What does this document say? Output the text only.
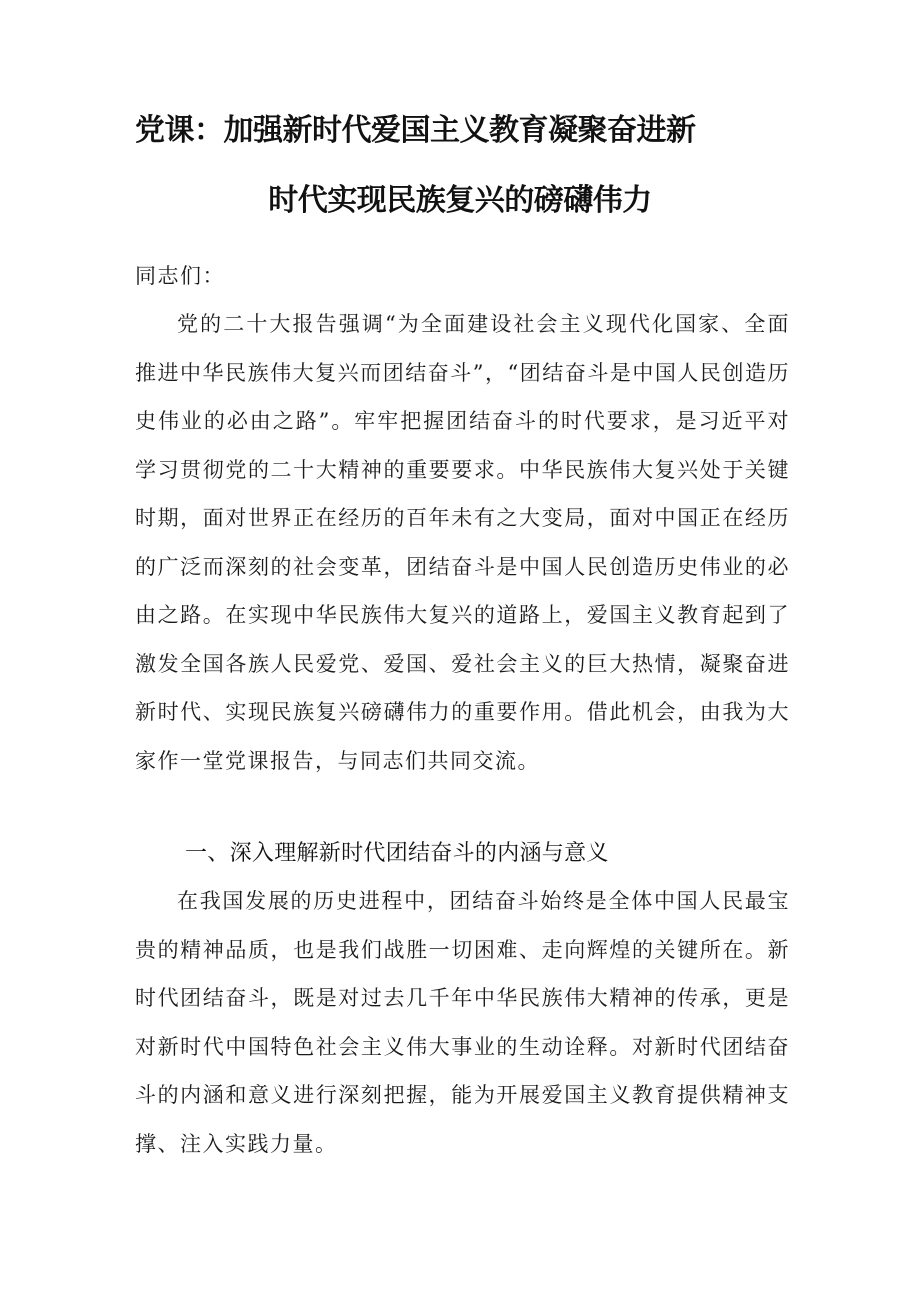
党课：加强新时代爱国主义教育凝聚奋进新
时代实现民族复兴的磅礴伟力

同志们：

党的二十大报告强调“为全面建设社会主义现代化国家、全面推进中华民族伟大复兴而团结奋斗”，“团结奋斗是中国人民创造历史伟业的必由之路”。牢牢把握团结奋斗的时代要求，是习近平对学习贯彻党的二十大精神的重要要求。中华民族伟大复兴处于关键时期，面对世界正在经历的百年未有之大变局，面对中国正在经历的广泛而深刻的社会变革，团结奋斗是中国人民创造历史伟业的必由之路。在实现中华民族伟大复兴的道路上，爱国主义教育起到了激发全国各族人民爱党、爱国、爱社会主义的巨大热情，凝聚奋进新时代、实现民族复兴磅礴伟力的重要作用。借此机会，由我为大家作一堂党课报告，与同志们共同交流。

一、深入理解新时代团结奋斗的内涵与意义

在我国发展的历史进程中，团结奋斗始终是全体中国人民最宝贵的精神品质，也是我们战胜一切困难、走向辉煌的关键所在。新时代团结奋斗，既是对过去几千年中华民族伟大精神的传承，更是对新时代中国特色社会主义伟大事业的生动诠释。对新时代团结奋斗的内涵和意义进行深刻把握，能为开展爱国主义教育提供精神支撑、注入实践力量。
